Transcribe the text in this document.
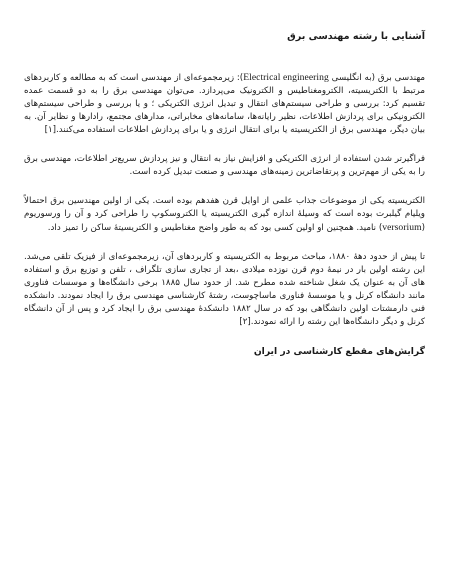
آشنایی با رشته مهندسی برق

مهندسی برق (به انگلیسی Electrical engineering): زیرمجموعه‌ای از مهندسی است که به مطالعه و کاربردهای مرتبط با الکتریسیته، الکترومغناطیس و الکترونیک می‌پردازد. می‌توان مهندسی برق را به دو قسمت عمده تقسیم کرد: بررسی و طراحی سیستم‌های انتقال و تبدیل انرژی الکتریکی ؛ و یا بررسی و طراحی سیستم‌های الکترونیکی برای پردازش اطلاعات، نظیر رایانه‌ها، سامانه‌های مخابراتی، مدارهای مجتمع، رادارها و نظایر آن. به بیان دیگر، مهندسی برق از الکتریسیته یا برای انتقال انرژی و یا برای پردازش اطلاعات استفاده می‌کنند.[۱]

فراگیرتر شدن استفاده از انرژی الکتریکی و افزایش نیاز به انتقال و نیز پردازش سریع‌تر اطلاعات، مهندسی برق را به یکی از مهم‌ترین و پرتقاضاترین زمینه‌های مهندسی و صنعت تبدیل کرده است.

الکتریسیته یکی از موضوعات جذاب علمی از اوایل قرن هفدهم بوده است. یکی از اولین مهندسین برق احتمالاً ویلیام گیلبرت بوده است که وسیلهٔ اندازه گیری الکتریسیته یا الکتروسکوپ را طراحی کرد و آن را ورسوریوم (versorium) نامید. همچنین او اولین کسی بود که به طور واضح مغناطیس و الکتریسیتهٔ ساکن را تمیز داد.

تا پیش از حدود دههٔ ۱۸۸۰، مباحث مربوط به الکتریسیته و کاربردهای آن، زیرمجموعه‌ای از فیزیک تلقی می‌شد. این رشته اولین بار در نیمهٔ دوم قرن نوزده میلادی ،بعد از تجاری سازی تلگراف ، تلفن و توزیع برق و استفاده های آن به عنوان یک شغل شناخته شده مطرح شد. از حدود سال ۱۸۸۵ برخی دانشگاه‌ها و موسسات فناوری مانند دانشگاه کرنل و یا موسسهٔ فناوری ماساچوست، رشتهٔ کارشناسی مهندسی برق را ایجاد نمودند. دانشکده فنی دارمشتات اولین دانشگاهی بود که در سال ۱۸۸۲ دانشکدهٔ مهندسی برق را ایجاد کرد و پس از آن دانشگاه کرنل و دیگر دانشگاه‌ها این رشته را ارائه نمودند.[۲]

گرایش‌های مقطع کارشناسی در ایران
